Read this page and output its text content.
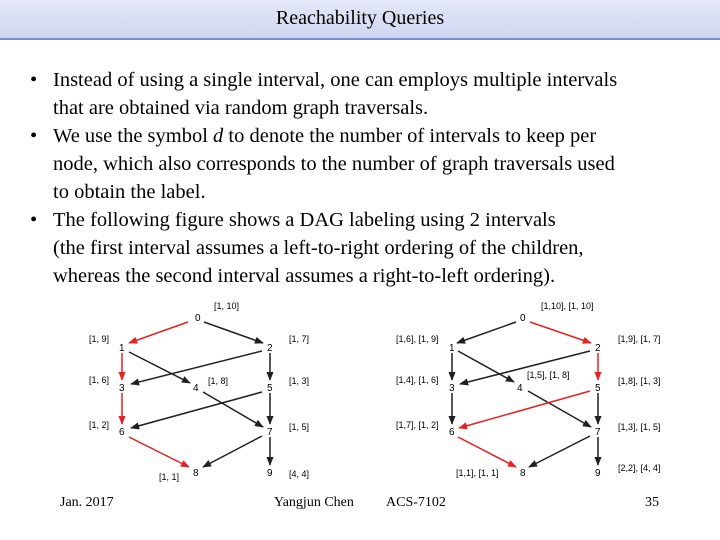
Reachability Queries
• Instead of using a single interval, one can employs multiple intervals
that are obtained via random graph traversals.
• We use the symbol d to denote the number of intervals to keep per
node, which also corresponds to the number of graph traversals used
to obtain the label.
• The following figure shows a DAG labeling using 2 intervals
(the first interval assumes a left-to-right ordering of the children,
whereas the second interval assumes a right-to-left ordering).
0
1	2
3	4	5
6	7
8	9
[1, 10]
[1, 9]	[1, 7]
[1, 6]	[1, 8]	[1, 3]
[1, 2]	[1, 5]
[1, 1]	[4, 4]
0
1	2
3	4	5
6	7
8	9
[1,10], [1, 10]
[1,6], [1, 9]	[1,9], [1, 7]
[1,4], [1, 6]	[1,5], [1, 8]
[1,8], [1, 3]
[1,7], [1, 2]	[1,3], [1, 5]
[1,1], [1, 1]	[2,2], [4, 4]
Jan. 2017	Yangjun Chen ACS-7102	35
